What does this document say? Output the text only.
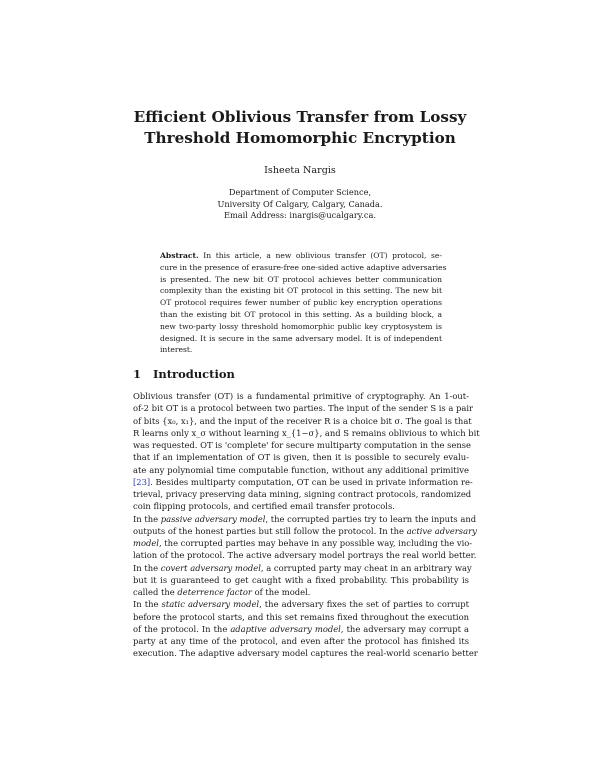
Efficient Oblivious Transfer from Lossy
Threshold Homomorphic Encryption
Isheeta Nargis
Department of Computer Science,
University Of Calgary, Calgary, Canada.
Email Address: inargis@ucalgary.ca.
Abstract. In this article, a new oblivious transfer (OT) protocol, se-
cure in the presence of erasure-free one-sided active adaptive adversaries
is presented. The new bit OT protocol achieves better communication
complexity than the existing bit OT protocol in this setting. The new bit
OT protocol requires fewer number of public key encryption operations
than the existing bit OT protocol in this setting. As a building block, a
new two-party lossy threshold homomorphic public key cryptosystem is
designed. It is secure in the same adversary model. It is of independent
interest.
1 Introduction
Oblivious transfer (OT) is a fundamental primitive of cryptography. An 1-out-
of-2 bit OT is a protocol between two parties. The input of the sender S is a pair
of bits {x₀, x₁}, and the input of the receiver R is a choice bit σ. The goal is that
R learns only x_σ without learning x_{1−σ}, and S remains oblivious to which bit
was requested. OT is 'complete' for secure multiparty computation in the sense
that if an implementation of OT is given, then it is possible to securely evalu-
ate any polynomial time computable function, without any additional primitive
[23]. Besides multiparty computation, OT can be used in private information re-
trieval, privacy preserving data mining, signing contract protocols, randomized
coin flipping protocols, and certified email transfer protocols.
In the passive adversary model, the corrupted parties try to learn the inputs and
outputs of the honest parties but still follow the protocol. In the active adversary
model, the corrupted parties may behave in any possible way, including the vio-
lation of the protocol. The active adversary model portrays the real world better.
In the covert adversary model, a corrupted party may cheat in an arbitrary way
but it is guaranteed to get caught with a fixed probability. This probability is
called the deterrence factor of the model.
In the static adversary model, the adversary fixes the set of parties to corrupt
before the protocol starts, and this set remains fixed throughout the execution
of the protocol. In the adaptive adversary model, the adversary may corrupt a
party at any time of the protocol, and even after the protocol has finished its
execution. The adaptive adversary model captures the real-world scenario better
